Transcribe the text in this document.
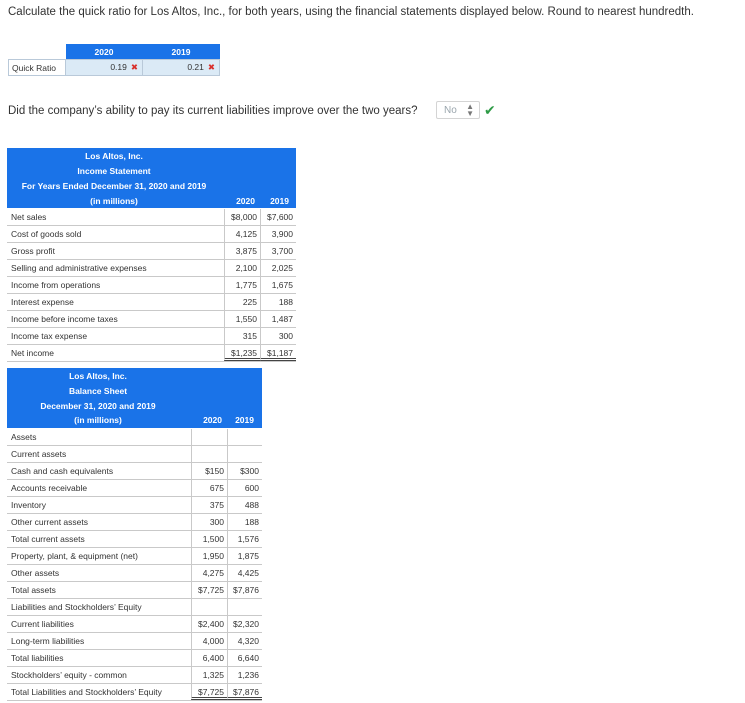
Calculate the quick ratio for Los Altos, Inc., for both years, using the financial statements displayed below. Round to nearest hundredth.
	2020	2019
Quick Ratio	0.19 ✖	0.21 ✖
Did the company’s ability to pay its current liabilities improve over the two years?	No ▲
▼ ✔
Los Altos, Inc.
Income Statement
For Years Ended December 31, 2020 and 2019
(in millions)	2020	2019
Net sales	$8,000	$7,600
Cost of goods sold	4,125	3,900
Gross profit	3,875	3,700
Selling and administrative expenses	2,100	2,025
Income from operations	1,775	1,675
Interest expense	225	188
Income before income taxes	1,550	1,487
Income tax expense	315	300
Net income	$1,235	$1,187
Los Altos, Inc.
Balance Sheet
December 31, 2020 and 2019
(in millions)	2020	2019
Assets
Current assets
Cash and cash equivalents	$150	$300
Accounts receivable	675	600
Inventory	375	488
Other current assets	300	188
Total current assets	1,500	1,576
Property, plant, & equipment (net)	1,950	1,875
Other assets	4,275	4,425
Total assets	$7,725	$7,876
Liabilities and Stockholders’ Equity
Current liabilities	$2,400	$2,320
Long-term liabilities	4,000	4,320
Total liabilities	6,400	6,640
Stockholders’ equity - common	1,325	1,236
Total Liabilities and Stockholders’ Equity	$7,725	$7,876
